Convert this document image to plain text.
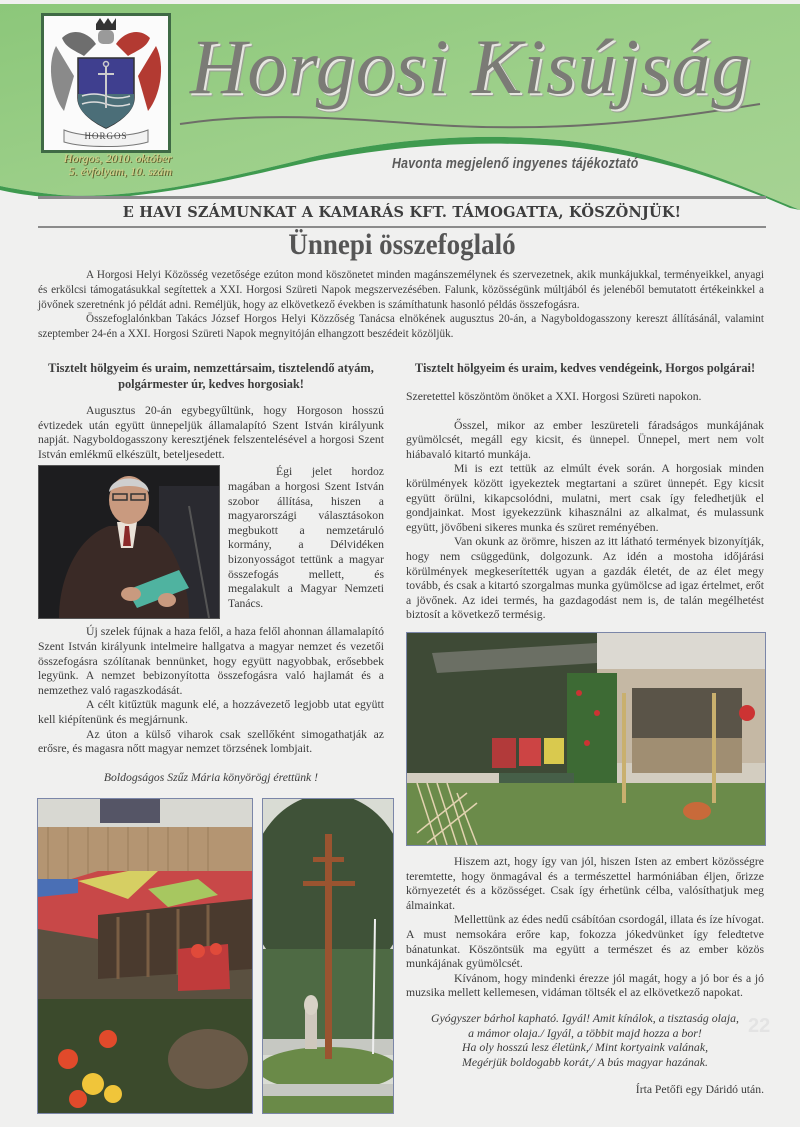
HORGOS
Horgosi Kisújság
Horgos, 2010. október
5. évfolyam, 10. szám	Havonta megjelenő ingyenes tájékoztató
E HAVI SZÁMUNKAT A KAMARÁS KFT. TÁMOGATTA, KÖSZÖNJÜK!
Ünnepi összefoglaló

A Horgosi Helyi Közösség vezetősége ezúton mond köszönetet minden magánszemélynek és szervezetnek, akik munkájukkal, terményeikkel, anyagi és erkölcsi támogatásukkal segítettek a XXI. Horgosi Szüreti Napok megszervezésében. Falunk, közösségünk múltjából és jelenéből bemutatott értékeinkkel a jövőnek szeretnénk jó példát adni. Reméljük, hogy az elkövetkező években is számíthatunk hasonló példás összefogásra.

Összefoglalónkban Takács József Horgos Helyi Közzőség Tanácsa elnökének augusztus 20-án, a Nagyboldogasszony kereszt állításánál, valamint szeptember 24-én a XXI. Horgosi Szüreti Napok megnyitóján elhangzott beszédeit közöljük.

Tisztelt hölgyeim és uraim, nemzettársaim, tisztelendő atyám, polgármester úr, kedves horgosiak!

Augusztus 20-án egybegyűltünk, hogy Horgoson hosszú évtizedek után együtt ünnepeljük államalapító Szent István királyunk napját. Nagyboldogasszony keresztjének felszentelésével a horgosi Szent István emlékmű elkészült, beteljesedett.

Égi jelet hordoz magában a horgosi Szent István szobor állítása, hiszen a magyarországi választásokon megbukott a nemzetáruló kormány, a Délvidéken bizonyosságot tettünk a magyar összefogás mellett, és megalakult a Magyar Nemzeti Tanács.

Új szelek fújnak a haza felől, a haza felől ahonnan államalapító Szent István királyunk intelmeire hallgatva a magyar nemzet és vezetői összefogásra szólítanak bennünket, hogy együtt nagyobbak, erősebbek legyünk. A nemzet bebizonyította összefogásra való hajlamát és a nemzethez való ragaszkodását.

A célt kitűztük magunk elé, a hozzávezető legjobb utat együtt kell kiépítenünk és megjárnunk.

Az úton a külső viharok csak szellőként simogathatják az erősre, és magasra nőtt magyar nemzet törzsének lombjait.

Boldogságos Szűz Mária könyörögj érettünk !
Tisztelt hölgyeim és uraim, kedves vendégeink, Horgos polgárai!

Szeretettel köszöntöm önöket a XXI. Horgosi Szüreti napokon.

Ősszel, mikor az ember leszüreteli fáradságos munkájának gyümölcsét, megáll egy kicsit, és ünnepel. Ünnepel, mert nem volt hiábavaló kitartó munkája.

Mi is ezt tettük az elmúlt évek során. A horgosiak minden körülmények között igyekeztek megtartani a szüret ünnepét. Egy kicsit együtt örülni, kikapcsolódni, mulatni, mert csak így feledhetjük el gondjainkat. Most igyekezzünk kihasználni az alkalmat, és mulassunk együtt, jövőbeni sikeres munka és szüret reményében.

Van okunk az örömre, hiszen az itt látható termények bizonyítják, hogy nem csüggedünk, dolgozunk. Az idén a mostoha időjárási körülmények megkeserítették ugyan a gazdák életét, de az élet megy tovább, és csak a kitartó szorgalmas munka gyümölcse ad igaz értelmet, erőt a jövőnek. Az idei termés, ha gazdagodást nem is, de talán megélhetést biztosít a következő termésig.

Hiszem azt, hogy így van jól, hiszen Isten az embert közösségre teremtette, hogy önmagával és a természettel harmóniában éljen, őrizze környezetét és a közösséget. Csak így érhetünk célba, valósíthatjuk meg álmainkat.

Mellettünk az édes nedű csábítóan csordogál, illata és íze hívogat. A must nemsokára erőre kap, fokozza jókedvünket így feledtetve bánatunkat. Köszöntsük ma együtt a természet és az ember közös munkájának gyümölcsét.

Kívánom, hogy mindenki érezze jól magát, hogy a jó bor és a jó muzsika mellett kellemesen, vidáman töltsék el az elkövetkező napokat.

Gyógyszer bárhol kapható. Igyál! Amit kínálok, a tisztaság olaja,
a mámor olaja./ Igyál, a többit majd hozza a bor!
Ha oly hosszú lesz életünk,/ Mint kortyaink valának,
Megérjük boldogabb korát,/ A bús magyar hazának.
Írta Petőfi egy Dáridó után.
22
